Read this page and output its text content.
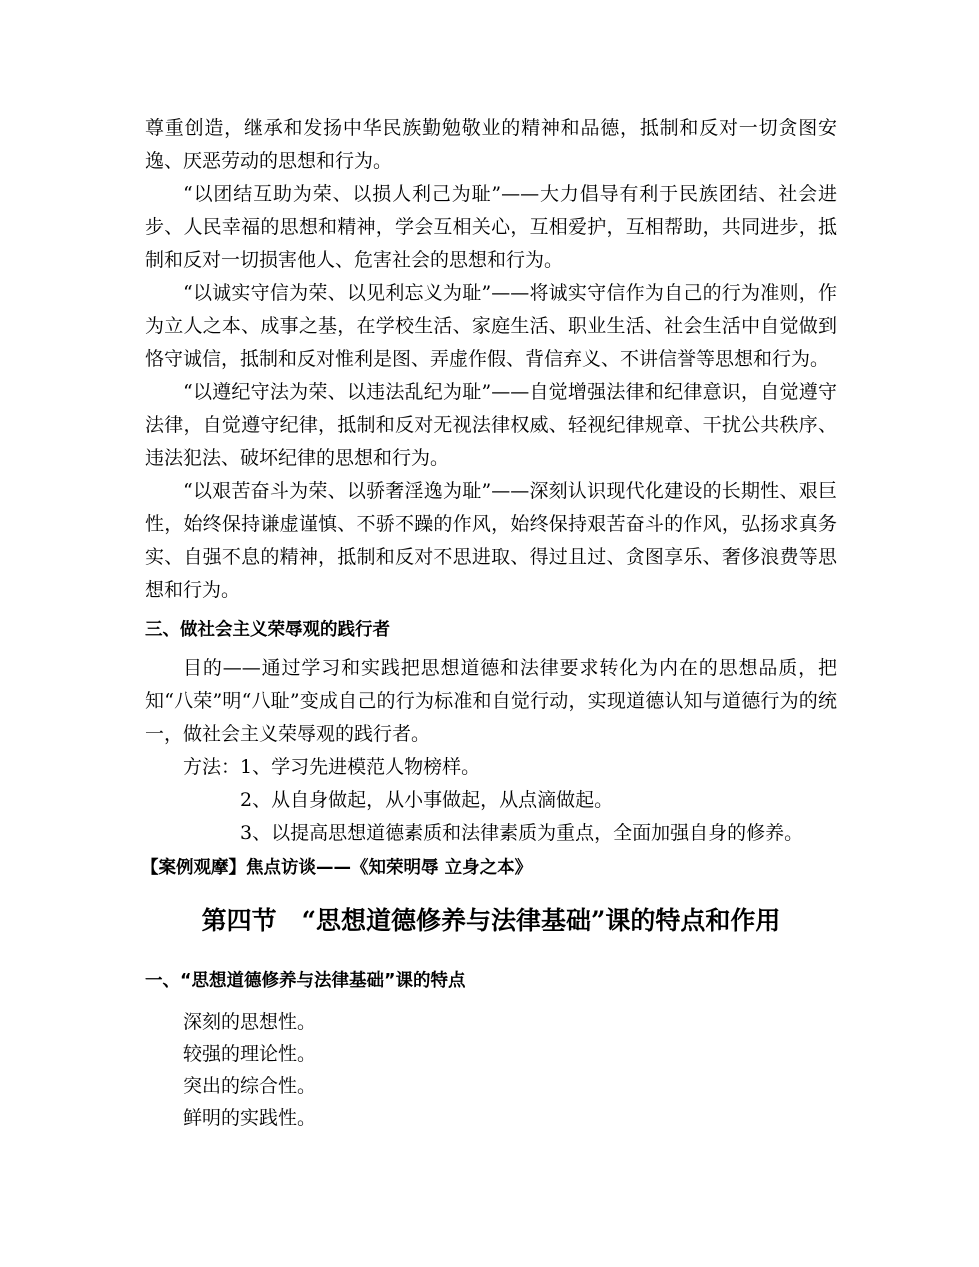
尊重创造，继承和发扬中华民族勤勉敬业的精神和品德，抵制和反对一切贪图安逸、厌恶劳动的思想和行为。

“以团结互助为荣、以损人利己为耻”——大力倡导有利于民族团结、社会进步、人民幸福的思想和精神，学会互相关心，互相爱护，互相帮助，共同进步，抵制和反对一切损害他人、危害社会的思想和行为。

“以诚实守信为荣、以见利忘义为耻”——将诚实守信作为自己的行为准则，作为立人之本、成事之基，在学校生活、家庭生活、职业生活、社会生活中自觉做到恪守诚信，抵制和反对惟利是图、弄虚作假、背信弃义、不讲信誉等思想和行为。

“以遵纪守法为荣、以违法乱纪为耻”——自觉增强法律和纪律意识，自觉遵守法律，自觉遵守纪律，抵制和反对无视法律权威、轻视纪律规章、干扰公共秩序、违法犯法、破坏纪律的思想和行为。

“以艰苦奋斗为荣、以骄奢淫逸为耻”——深刻认识现代化建设的长期性、艰巨性，始终保持谦虚谨慎、不骄不躁的作风，始终保持艰苦奋斗的作风，弘扬求真务实、自强不息的精神，抵制和反对不思进取、得过且过、贪图享乐、奢侈浪费等思想和行为。

三、做社会主义荣辱观的践行者

目的——通过学习和实践把思想道德和法律要求转化为内在的思想品质，把知“八荣”明“八耻”变成自己的行为标准和自觉行动，实现道德认知与道德行为的统一，做社会主义荣辱观的践行者。

方法：1、学习先进模范人物榜样。
2、从自身做起，从小事做起，从点滴做起。
3、以提高思想道德素质和法律素质为重点，全面加强自身的修养。
【案例观摩】焦点访谈——《知荣明辱 立身之本》
第四节　“思想道德修养与法律基础”课的特点和作用
一、“思想道德修养与法律基础”课的特点
深刻的思想性。
较强的理论性。
突出的综合性。
鲜明的实践性。
